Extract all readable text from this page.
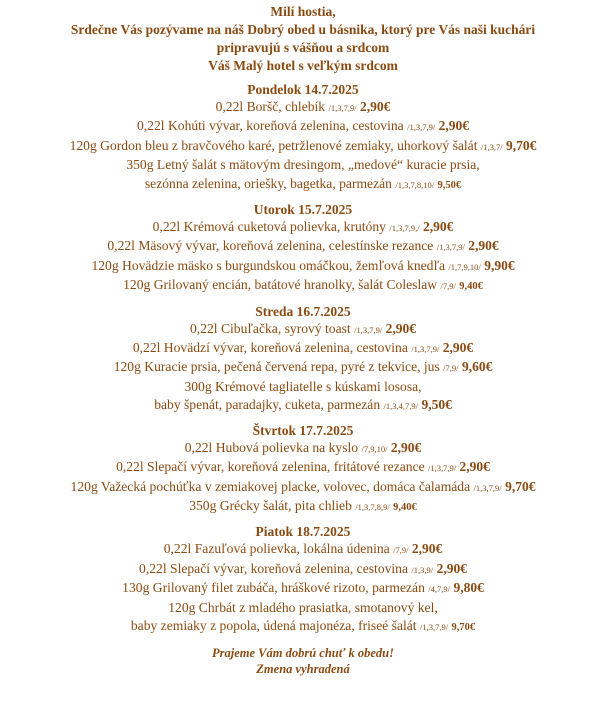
Milí hostia,
Srdečne Vás pozývame na náš Dobrý obed u básnika, ktorý pre Vás naši kuchári
pripravujú s vášňou a srdcom
Váš Malý hotel s veľkým srdcom
Pondelok 14.7.2025
0,22l Boršč, chlebík /1,3,7,9/ 2,90€
0,22l Kohúti vývar, koreňová zelenina, cestovina /1,3,7,9/ 2,90€
120g Gordon bleu z bravčového karé, petržlenové zemiaky, uhorkový šalát /1,3,7/ 9,70€
350g Letný šalát s mätovým dresingom, „medové“ kuracie prsia,
sezónna zelenina, oriešky, bagetka, parmezán /1,3,7,8,10/ 9,50€
Utorok 15.7.2025
0,22l Krémová cuketová polievka, krutóny /1,3,7,9,/ 2,90€
0,22l Mäsový vývar, koreňová zelenina, celestínske rezance /1,3,7,9/ 2,90€
120g Hovädzie mäsko s burgundskou omáčkou, žemľová knedľa /1,7,9,10/ 9,90€
120g Grilovaný encián, batátové hranolky, šalát Coleslaw /7,9/ 9,40€
Streda 16.7.2025
0,22l Cibuľačka, syrový toast /1,3,7,9/ 2,90€
0,22l Hovädzí vývar, koreňová zelenina, cestovina /1,3,7,9/ 2,90€
120g Kuracie prsia, pečená červená repa, pyré z tekvice, jus /7,9/ 9,60€
300g Krémové tagliatelle s kúskami lososa,
baby špenát, paradajky, cuketa, parmezán /1,3,4,7,9/ 9,50€
Štvrtok 17.7.2025
0,22l Hubová polievka na kyslo /7,9,10/ 2,90€
0,22l Slepačí vývar, koreňová zelenina, fritátové rezance /1,3,7,9/ 2,90€
120g Važecká pochúťka v zemiakovej placke, volovec, domáca čalamáda /1,3,7,9/ 9,70€
350g Grécky šalát, pita chlieb /1,3,7,8,9/ 9,40€
Piatok 18.7.2025
0,22l Fazuľová polievka, lokálna údenina /7,9/ 2,90€
0,22l Slepačí vývar, koreňová zelenina, cestovina /1,3,9/ 2,90€
130g Grilovaný filet zubáča, hráškové rizoto, parmezán /4,7,9/ 9,80€
120g Chrbát z mladého prasiatka, smotanový kel,
baby zemiaky z popola, údená majonéza, friseé šalát /1,3,7,9/ 9,70€
Prajeme Vám dobrú chuť k obedu!
Zmena vyhradená
